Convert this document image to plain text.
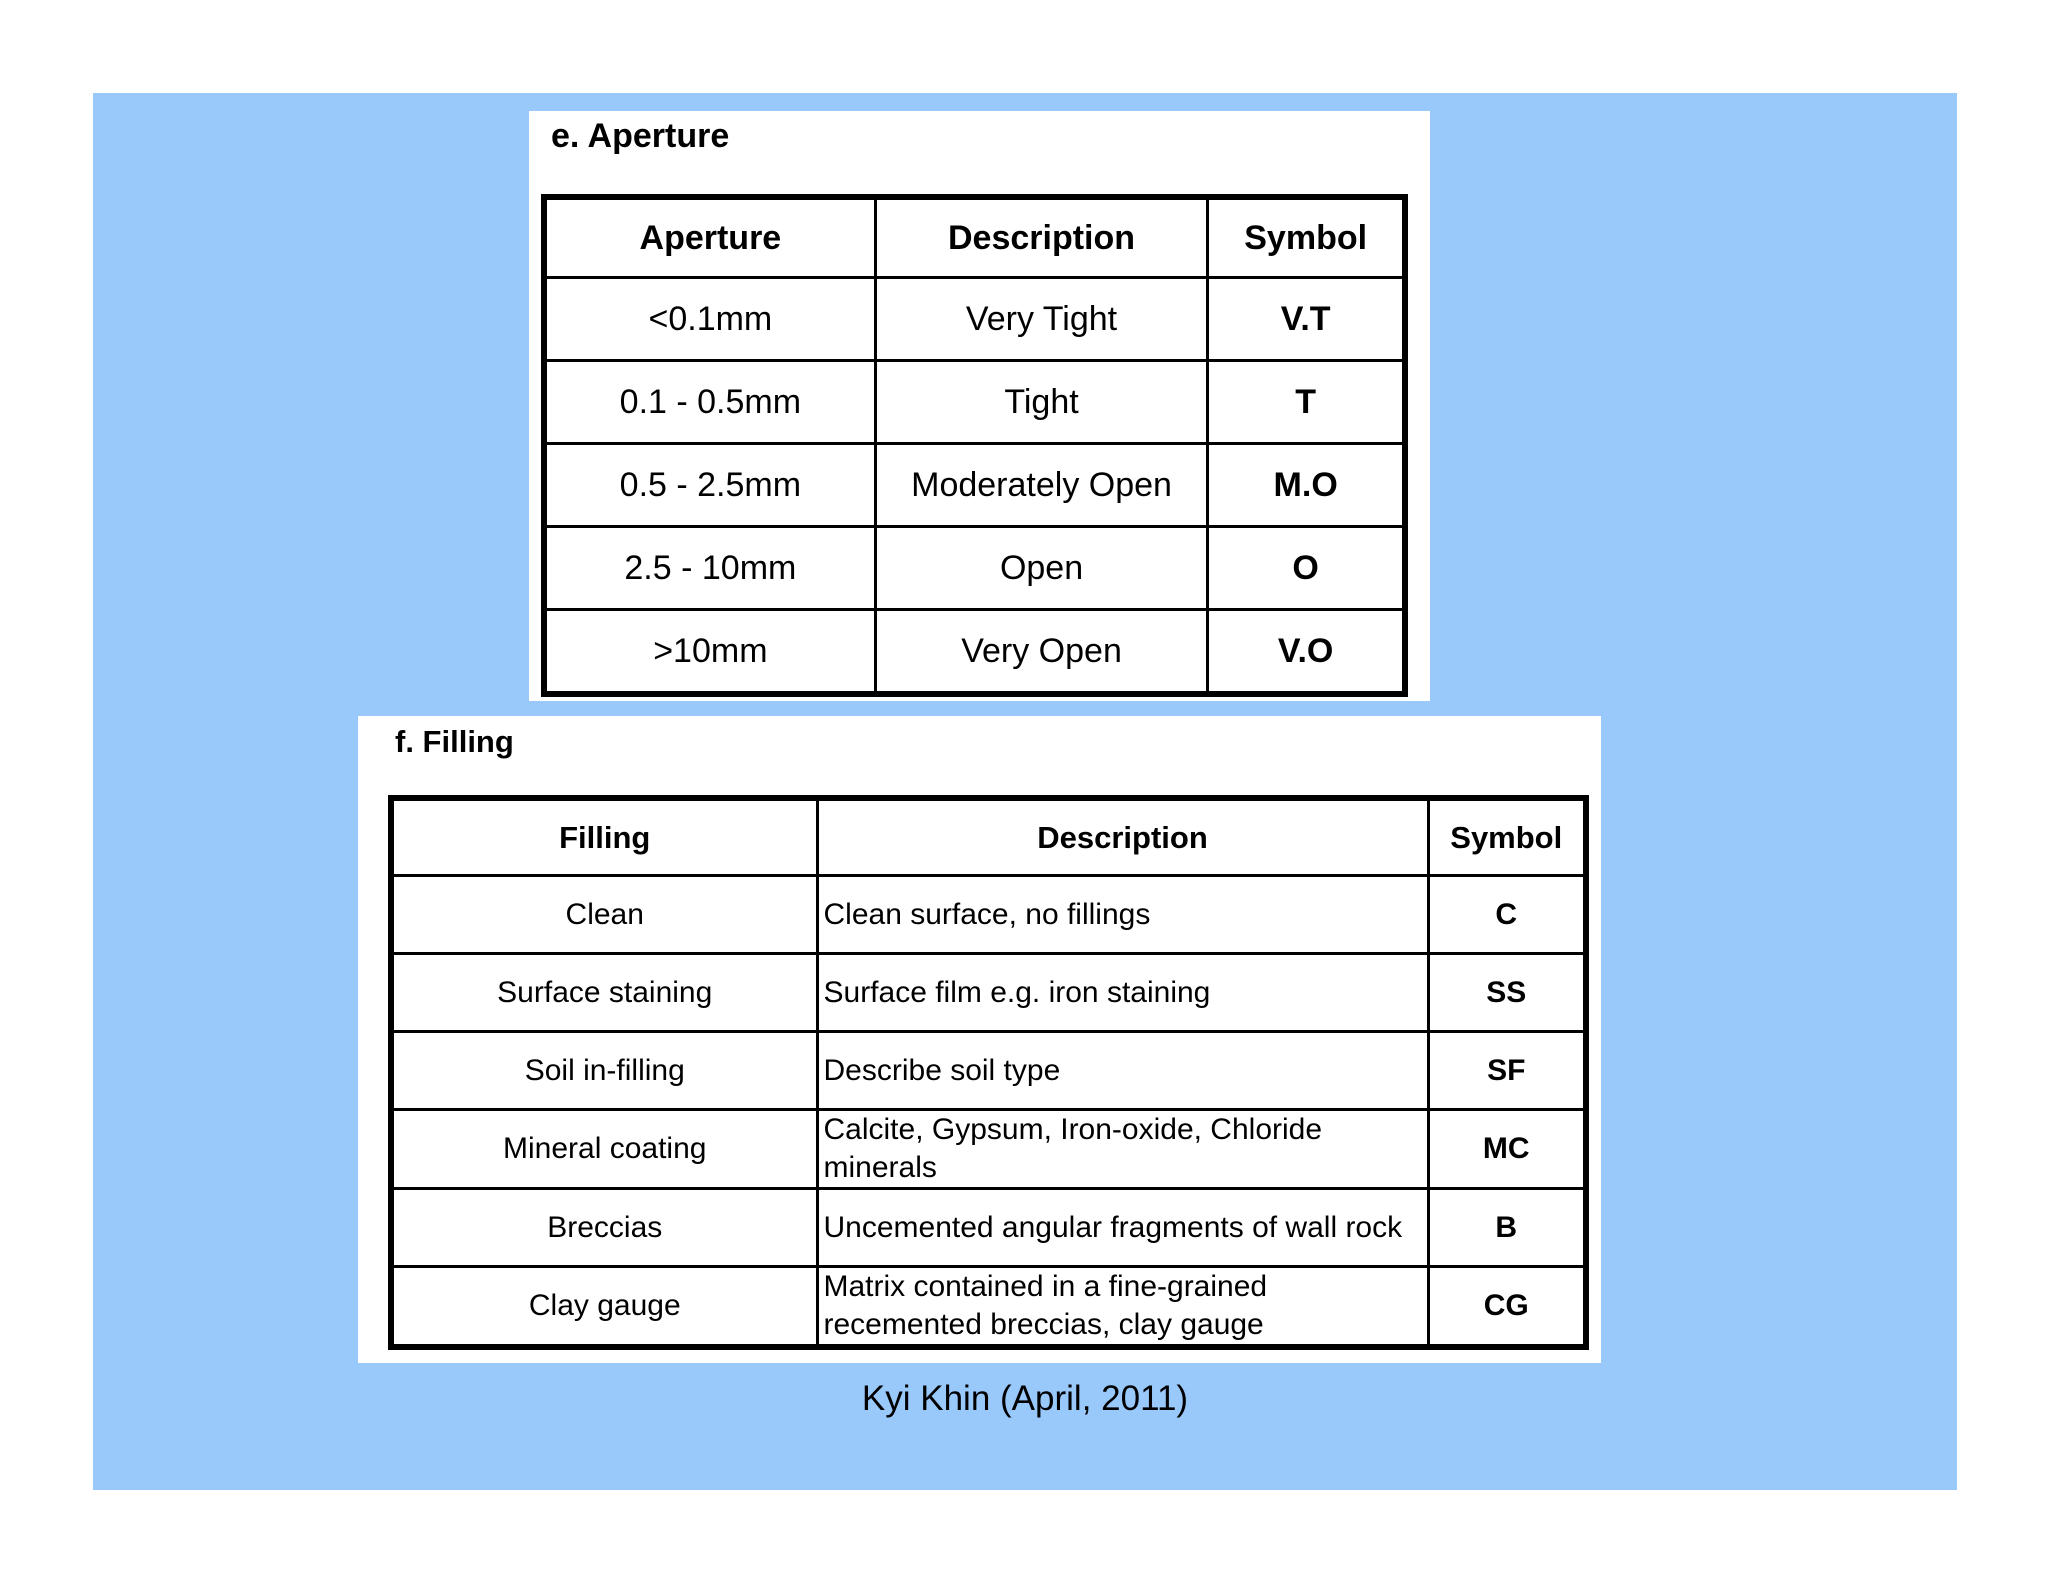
e. Aperture
Aperture	Description	Symbol
<0.1mm	Very Tight	V.T
0.1 - 0.5mm	Tight	T
0.5 - 2.5mm	Moderately Open	M.O
2.5 - 10mm	Open	O
>10mm	Very Open	V.O
f. Filling
Filling	Description	Symbol
Clean	Clean surface, no fillings	C
Surface staining	Surface film e.g. iron staining	SS
Soil in-filling	Describe soil type	SF
Mineral coating	Calcite, Gypsum, Iron-oxide, Chloride minerals	MC
Breccias	Uncemented angular fragments of wall rock	B
Clay gauge	Matrix contained in a fine-grained recemented breccias, clay gauge	CG
Kyi Khin (April, 2011)
